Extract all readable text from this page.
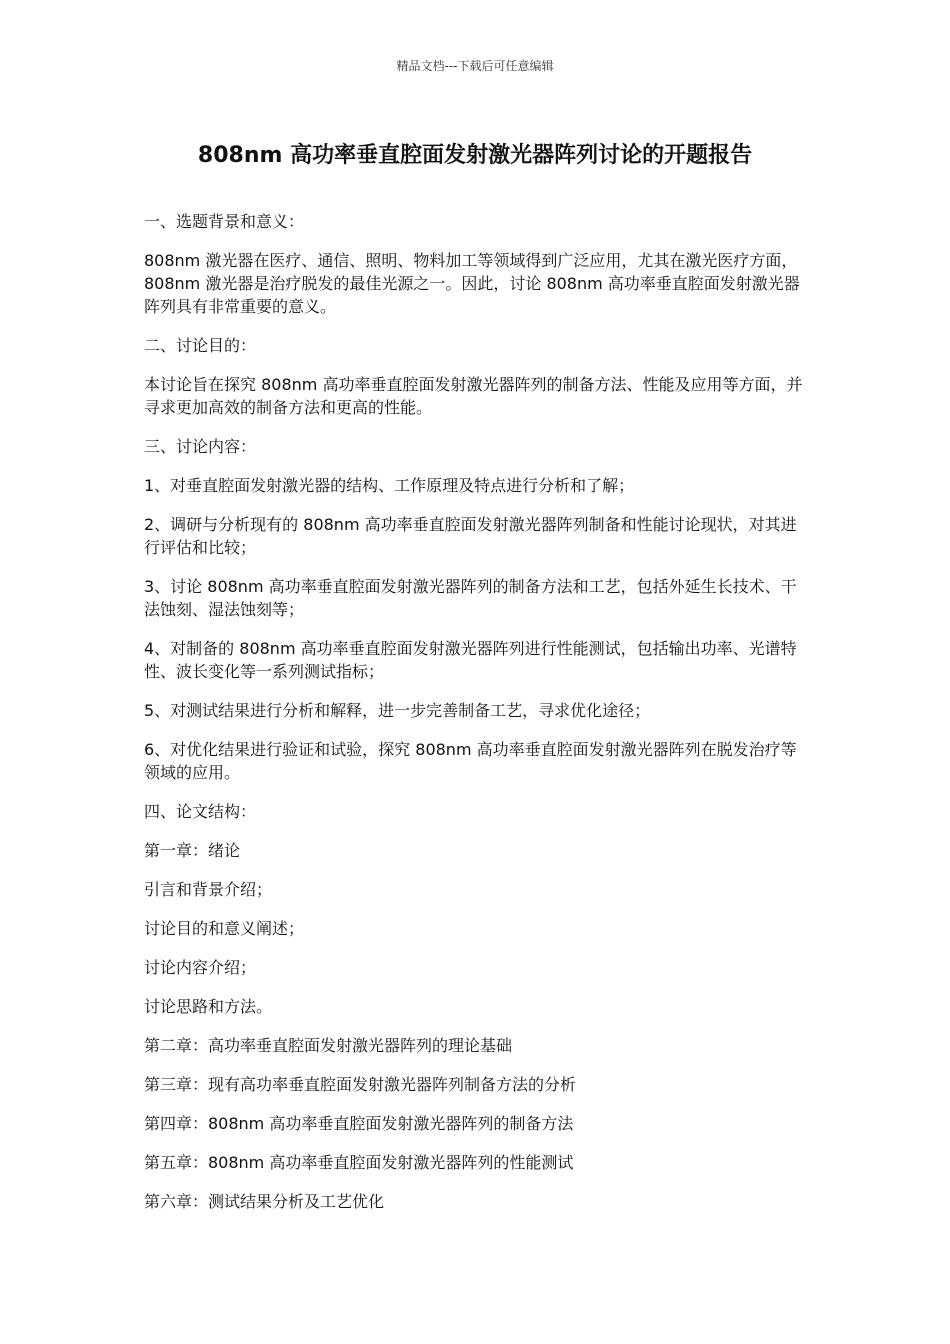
精品文档---下载后可任意编辑
808nm 高功率垂直腔面发射激光器阵列讨论的开题报告

一、选题背景和意义：

808nm 激光器在医疗、通信、照明、物料加工等领域得到广泛应用，尤其在激光医疗方面，808nm 激光器是治疗脱发的最佳光源之一。因此，讨论 808nm 高功率垂直腔面发射激光器阵列具有非常重要的意义。

二、讨论目的：

本讨论旨在探究 808nm 高功率垂直腔面发射激光器阵列的制备方法、性能及应用等方面，并寻求更加高效的制备方法和更高的性能。

三、讨论内容：

1、对垂直腔面发射激光器的结构、工作原理及特点进行分析和了解；

2、调研与分析现有的 808nm 高功率垂直腔面发射激光器阵列制备和性能讨论现状，对其进行评估和比较；

3、讨论 808nm 高功率垂直腔面发射激光器阵列的制备方法和工艺，包括外延生长技术、干法蚀刻、湿法蚀刻等；

4、对制备的 808nm 高功率垂直腔面发射激光器阵列进行性能测试，包括输出功率、光谱特性、波长变化等一系列测试指标；

5、对测试结果进行分析和解释，进一步完善制备工艺，寻求优化途径；

6、对优化结果进行验证和试验，探究 808nm 高功率垂直腔面发射激光器阵列在脱发治疗等领域的应用。

四、论文结构：

第一章：绪论

引言和背景介绍；

讨论目的和意义阐述；

讨论内容介绍；

讨论思路和方法。

第二章：高功率垂直腔面发射激光器阵列的理论基础

第三章：现有高功率垂直腔面发射激光器阵列制备方法的分析

第四章：808nm 高功率垂直腔面发射激光器阵列的制备方法

第五章：808nm 高功率垂直腔面发射激光器阵列的性能测试

第六章：测试结果分析及工艺优化
